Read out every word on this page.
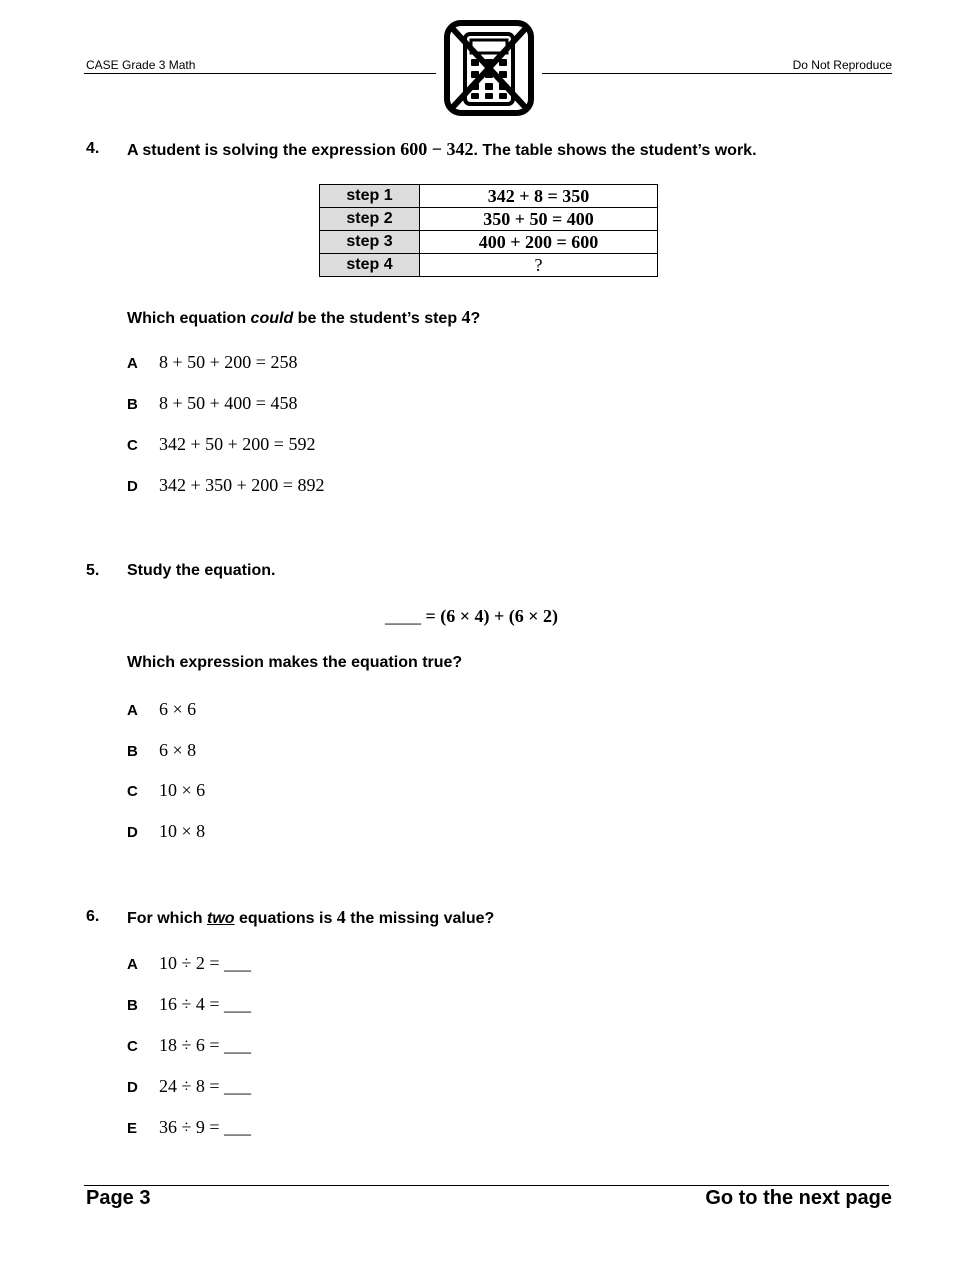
CASE Grade 3 Math	Do Not Reproduce
4. A student is solving the expression 600 − 342. The table shows the student’s work.
step 1	342 + 8 = 350
step 2	350 + 50 = 400
step 3	400 + 200 = 600
step 4	?
Which equation could be the student’s step 4?
A 8 + 50 + 200 = 258
B 8 + 50 + 400 = 458
C 342 + 50 + 200 = 592
D 342 + 350 + 200 = 892
5. Study the equation.
____ = (6 × 4) + (6 × 2)
Which expression makes the equation true?
A 6 × 6
B 6 × 8
C 10 × 6
D 10 × 8
6. For which two equations is 4 the missing value?
A 10 ÷ 2 = ___
B 16 ÷ 4 = ___
C 18 ÷ 6 = ___
D 24 ÷ 8 = ___
E 36 ÷ 9 = ___
Page 3	Go to the next page
